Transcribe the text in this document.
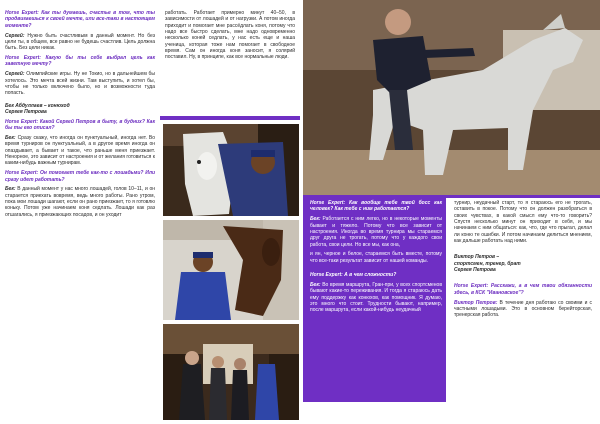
Horse Expert: Как ты думаешь, счастье в том, что ты продвигаешься к своей мечте, или все-таки в настоящем моменте?

Сергей: Нужно быть счастливым в данный момент. Но без цели ты, в общем, все равно не будешь счастлив. Цель должна быть. Без цели никак.

Horse Expert: Какую бы ты себе выбрал цель как заветную мечту?

Сергей: Олимпийские игры. Ну не Токио, но в дальнейшем бы хотелось. Это мечта всей жизни. Там выступить, и хотел бы, чтобы не только включено было, но и возможности туда попасть.

Бек Абдуллаев – конюход
Сергея Петрова

Horse Expert: Какой Сергей Петров в быту, в будних? Как бы ты его описал?

Бек: Сразу скажу, что иногда он пунктуальный, иногда нет. Во время турниров он пунктуальный, а в другое время иногда он опаздывает, а бывает и такое, что раньше меня приезжает. Ненорное, это зависит от настроения и от желания готовиться к каким-нибудь важным турнирам.

Horse Expert: Он помогает тебе как-то с лошадьми? Или сразу идет работать?

Бек: В данный момент у нас много лошадей, голов 10–11, и он старается приехать вовремя, ведь много работы. Рано утром, пока мои лошади шагают, если он рано приезжает, то я готовлю коньку. Потом уже начинаем коня седлать. Лошади как раз отшагались, я приезжающих посадов, и он уходит

работать. Работает примерно минут 40–50, в зависимости от лошадей и от нагрузки. А потом иногда приходит и помогает мне рассёдлать коня, потому что надо все быстро сделать, мне надо одновременно несколько коней седлать, у нас есть еще и наша ученица, которая тоже нам помогает в свободное время. Сам он иногда коня заносит, я солярий поставил. Ну, в принципе, как все нормальные люди.

Horse Expert: Как вообще тебе твой босс как человек? Как тебе с ним работается?

Бек: Работается с ним легко, но в некоторые моменты бывает и тяжело. Потому что все зависит от настроения. Иногда во время турнира мы стараемся друг друга не трогать, потому что у каждого свои работа, свои цели. Но все мы, как она,

и ян, черное и белое, стараемся быть вместе, потому что все-таки результат зависит от нашей команды.

Horse Expert: А в чем сложности?

Бек: Во время маршрута, Гран-при, у всех спортсменов бывают какие-то переживания. И тогда я стараюсь дать ему поддержку как конюхов, как помощник. Я думаю, это много что стоит. Трудности бывают, например, после маршрута, если какой-нибудь неудачный

турнир, неудачный старт, то я стараюсь его не трогать, оставить в покое. Потому что он должен разобраться в своих чувствах, в какой смысл ему что-то говорить? Спустя несколько минут он приходит в себя, и мы начинаем с ним общаться: как, что, где что прыгал, делал ли коню те ошибки. И потом начинаем делиться мнением, как дальше работать над ними.

Виктор Петров –
спортсмен, тренер, брат
Сергея Петрова

Horse Expert: Расскажи, а в чем твои обязанности здесь, в КСК "Ивановское"?

Виктор Петров: В течение дня работаю со своими и с частными лошадьми. Это в основном берейторская, тренерская работа.
